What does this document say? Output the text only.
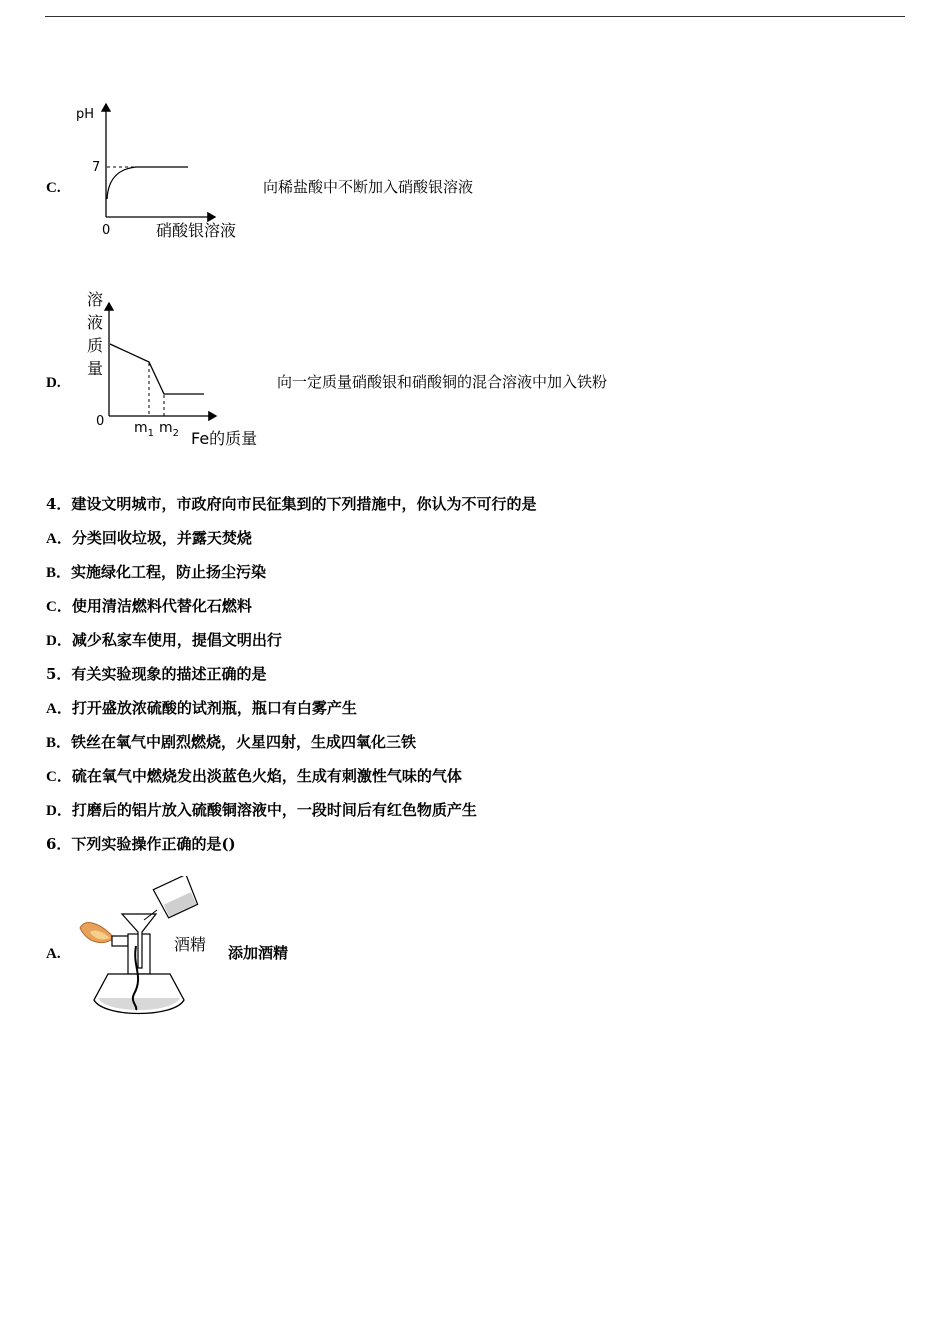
C.
pH
7
0	硝酸银溶液
向稀盐酸中不断加入硝酸银溶液
D.
溶
液
质
量
0 $m_1$ $m_2$ Fe的质量
向一定质量硝酸银和硝酸铜的混合溶液中加入铁粉
4．建设文明城市，市政府向市民征集到的下列措施中，你认为不可行的是
A．分类回收垃圾，并露天焚烧
B．实施绿化工程，防止扬尘污染
C．使用清洁燃料代替化石燃料
D．减少私家车使用，提倡文明出行
5．有关实验现象的描述正确的是
A．打开盛放浓硫酸的试剂瓶，瓶口有白雾产生
B．铁丝在氧气中剧烈燃烧，火星四射，生成四氧化三铁
C．硫在氧气中燃烧发出淡蓝色火焰，生成有刺激性气味的气体
D．打磨后的铝片放入硫酸铜溶液中，一段时间后有红色物质产生
6．下列实验操作正确的是()
A.	酒精 添加酒精
